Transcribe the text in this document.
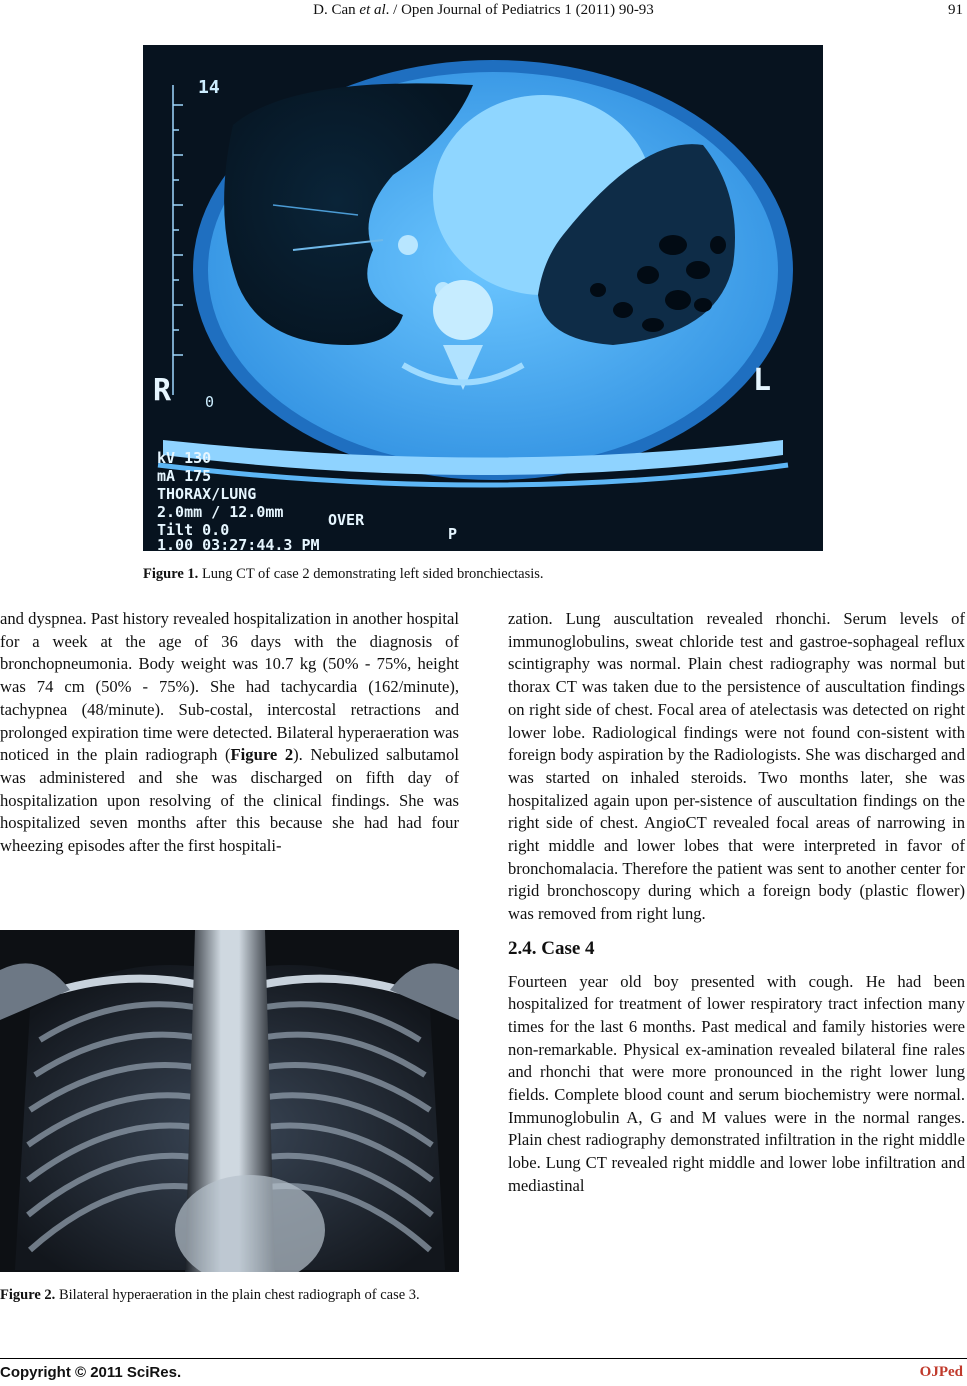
D. Can et al. / Open Journal of Pediatrics 1 (2011) 90-93	91
14
R	L
0
kV 130
mA 175
THORAX/LUNG
2.0mm / 12.0mm	OVER
Tilt 0.0
1.00 03:27:44.3 PM
P
Figure 1. Lung CT of case 2 demonstrating left sided bronchiectasis.

and dyspnea. Past history revealed hospitalization in another hospital for a week at the age of 36 days with the diagnosis of bronchopneumonia. Body weight was 10.7 kg (50% - 75%, height was 74 cm (50% - 75%). She had tachycardia (162/minute), tachypnea (48/minute). Sub-costal, intercostal retractions and prolonged expiration time were detected. Bilateral hyperaeration was noticed in the plain radiograph (Figure 2). Nebulized salbutamol was administered and she was discharged on fifth day of hospitalization upon resolving of the clinical findings. She was hospitalized seven months after this because she had had four wheezing episodes after the first hospitali-

Figure 2. Bilateral hyperaeration in the plain chest radiograph of case 3.

zation. Lung auscultation revealed rhonchi. Serum levels of immunoglobulins, sweat chloride test and gastroe-sophageal reflux scintigraphy was normal. Plain chest radiography was normal but thorax CT was taken due to the persistence of auscultation findings on right side of chest. Focal area of atelectasis was detected on right lower lobe. Radiological findings were not found con-sistent with foreign body aspiration by the Radiologists. She was discharged and was started on inhaled steroids. Two months later, she was hospitalized again upon per-sistence of auscultation findings on the right side of chest. AngioCT revealed focal areas of narrowing in right middle and lower lobes that were interpreted in favor of bronchomalacia. Therefore the patient was sent to another center for rigid bronchoscopy during which a foreign body (plastic flower) was removed from right lung.

2.4. Case 4

Fourteen year old boy presented with cough. He had been hospitalized for treatment of lower respiratory tract infection many times for the last 6 months. Past medical and family histories were non-remarkable. Physical ex-amination revealed bilateral fine rales and rhonchi that were more pronounced in the right lower lung fields. Complete blood count and serum biochemistry were normal. Immunoglobulin A, G and M values were in the normal ranges. Plain chest radiography demonstrated infiltration in the right middle lobe. Lung CT revealed right middle and lower lobe infiltration and mediastinal

Copyright © 2011 SciRes.	OJPed
